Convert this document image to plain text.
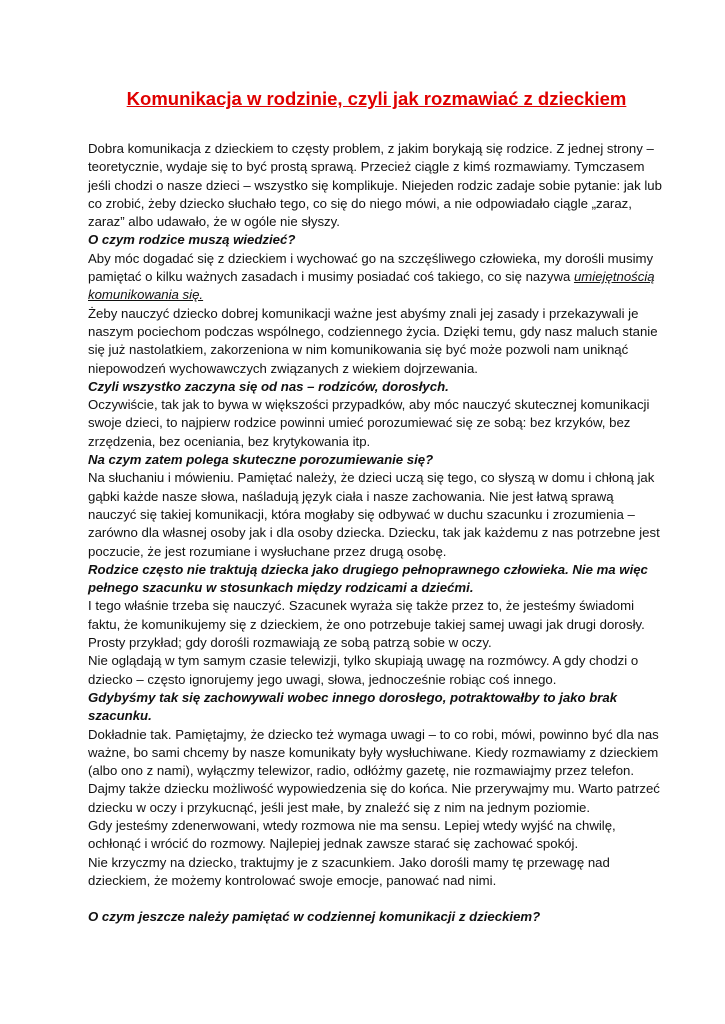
Komunikacja w rodzinie, czyli jak rozmawiać z dzieckiem

Dobra komunikacja z dzieckiem to częsty problem, z jakim borykają się rodzice. Z jednej strony – teoretycznie, wydaje się to być prostą sprawą. Przecież ciągle z kimś rozmawiamy. Tymczasem jeśli chodzi o nasze dzieci – wszystko się komplikuje. Niejeden rodzic zadaje sobie pytanie: jak lub co zrobić, żeby dziecko słuchało tego, co się do niego mówi, a nie odpowiadało ciągle „zaraz, zaraz” albo udawało, że w ogóle nie słyszy.

O czym rodzice muszą wiedzieć?

Aby móc dogadać się z dzieckiem i wychować go na szczęśliwego człowieka, my dorośli musimy pamiętać o kilku ważnych zasadach i musimy posiadać coś takiego, co się nazywa umiejętnością komunikowania się.

Żeby nauczyć dziecko dobrej komunikacji ważne jest abyśmy znali jej zasady i przekazywali je naszym pociechom podczas wspólnego, codziennego życia. Dzięki temu, gdy nasz maluch stanie się już nastolatkiem, zakorzeniona w nim komunikowania się być może pozwoli nam uniknąć niepowodzeń wychowawczych związanych z wiekiem dojrzewania.

Czyli wszystko zaczyna się od nas – rodziców, dorosłych.

Oczywiście, tak jak to bywa w większości przypadków, aby móc nauczyć skutecznej komunikacji swoje dzieci, to najpierw rodzice powinni umieć porozumiewać się ze sobą: bez krzyków, bez zrzędzenia, bez oceniania, bez krytykowania itp.

Na czym zatem polega skuteczne porozumiewanie się?

Na słuchaniu i mówieniu. Pamiętać należy, że dzieci uczą się tego, co słyszą w domu i chłoną jak gąbki każde nasze słowa, naśladują język ciała i nasze zachowania. Nie jest łatwą sprawą nauczyć się takiej komunikacji, która mogłaby się odbywać w duchu szacunku i zrozumienia – zarówno dla własnej osoby jak i dla osoby dziecka. Dziecku, tak jak każdemu z nas potrzebne jest poczucie, że jest rozumiane i wysłuchane przez drugą osobę.

Rodzice często nie traktują dziecka jako drugiego pełnoprawnego człowieka. Nie ma więc pełnego szacunku w stosunkach między rodzicami a dziećmi.

I tego właśnie trzeba się nauczyć. Szacunek wyraża się także przez to, że jesteśmy świadomi faktu, że komunikujemy się z dzieckiem, że ono potrzebuje takiej samej uwagi jak drugi dorosły. Prosty przykład; gdy dorośli rozmawiają ze sobą patrzą sobie w oczy.

Nie oglądają w tym samym czasie telewizji, tylko skupiają uwagę na rozmówcy. A gdy chodzi o dziecko – często ignorujemy jego uwagi, słowa, jednocześnie robiąc coś innego.

Gdybyśmy tak się zachowywali wobec innego dorosłego, potraktowałby to jako brak szacunku.

Dokładnie tak. Pamiętajmy, że dziecko też wymaga uwagi – to co robi, mówi, powinno być dla nas ważne, bo sami chcemy by nasze komunikaty były wysłuchiwane. Kiedy rozmawiamy z dzieckiem (albo ono z nami), wyłączmy telewizor, radio, odłóżmy gazetę, nie rozmawiajmy przez telefon. Dajmy także dziecku możliwość wypowiedzenia się do końca. Nie przerywajmy mu. Warto patrzeć dziecku w oczy i przykucnąć, jeśli jest małe, by znaleźć się z nim na jednym poziomie.

Gdy jesteśmy zdenerwowani, wtedy rozmowa nie ma sensu. Lepiej wtedy wyjść na chwilę, ochłonąć i wrócić do rozmowy. Najlepiej jednak zawsze starać się zachować spokój.

Nie krzyczmy na dziecko, traktujmy je z szacunkiem. Jako dorośli mamy tę przewagę nad dzieckiem, że możemy kontrolować swoje emocje, panować nad nimi.

O czym jeszcze należy pamiętać w codziennej komunikacji z dzieckiem?
